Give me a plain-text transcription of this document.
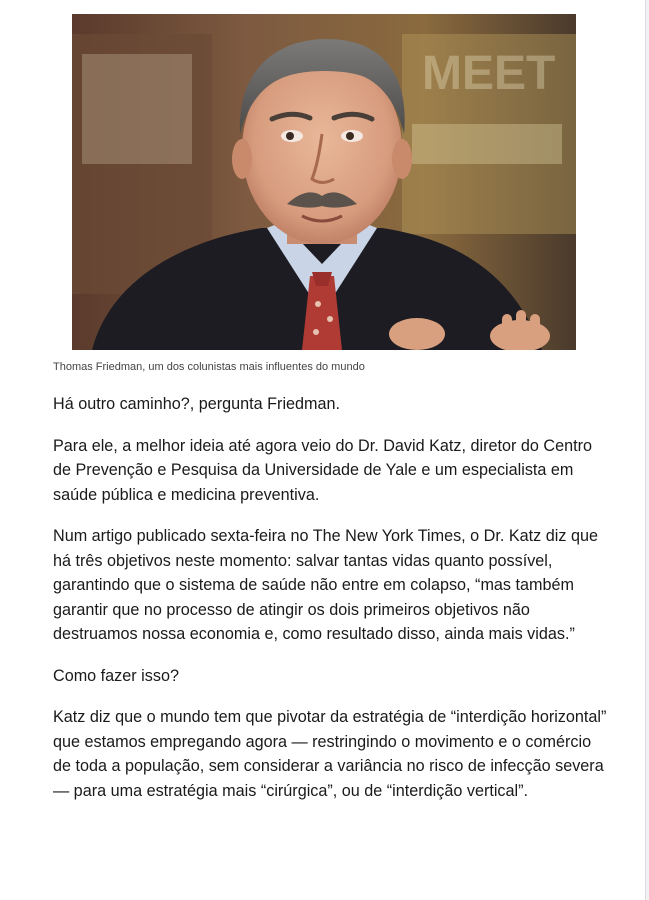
MEET
Thomas Friedman, um dos colunistas mais influentes do mundo

Há outro caminho?, pergunta Friedman.

Para ele, a melhor ideia até agora veio do Dr. David Katz, diretor do Centro de Prevenção e Pesquisa da Universidade de Yale e um especialista em saúde pública e medicina preventiva.

Num artigo publicado sexta-feira no The New York Times, o Dr. Katz diz que há três objetivos neste momento: salvar tantas vidas quanto possível, garantindo que o sistema de saúde não entre em colapso, “mas também garantir que no processo de atingir os dois primeiros objetivos não destruamos nossa economia e, como resultado disso, ainda mais vidas.”

Como fazer isso?

Katz diz que o mundo tem que pivotar da estratégia de “interdição horizontal” que estamos empregando agora — restringindo o movimento e o comércio de toda a população, sem considerar a variância no risco de infecção severa — para uma estratégia mais “cirúrgica”, ou de “interdição vertical”.
